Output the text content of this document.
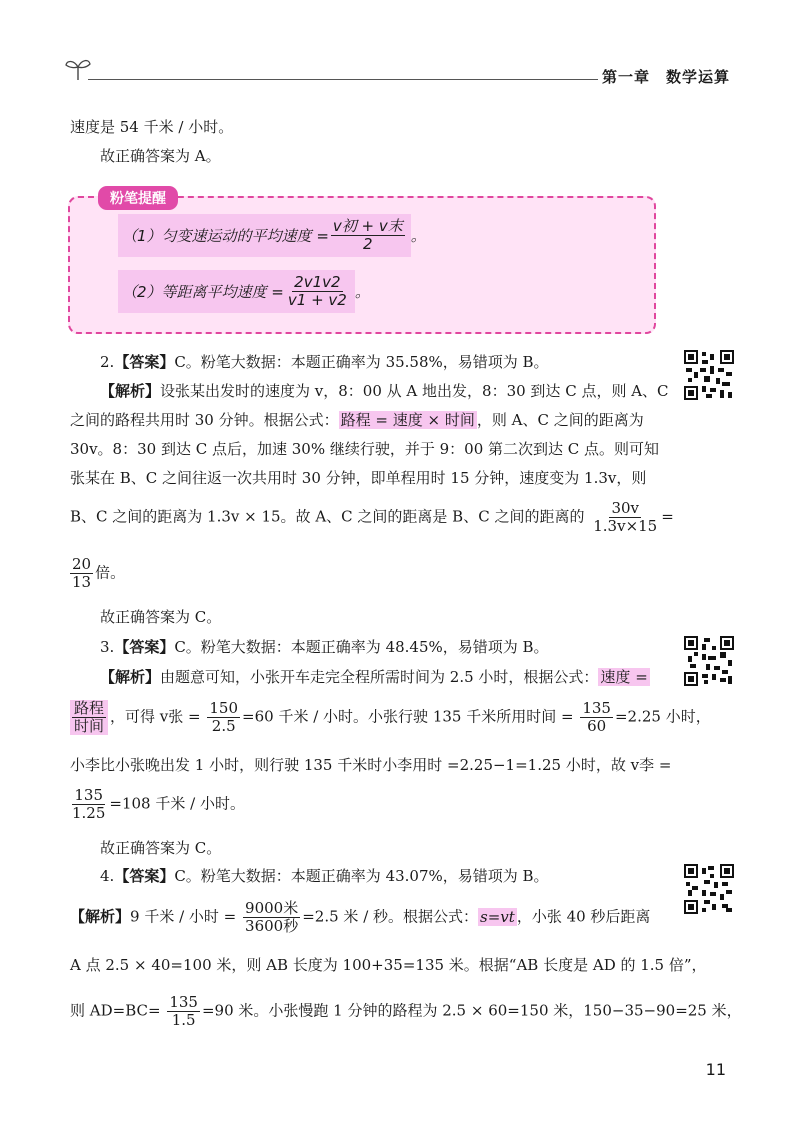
第一章　数学运算
速度是 54 千米 / 小时。
故正确答案为 A。
粉笔提醒
（1）匀变速运动的平均速度 = $\frac{\text{v初 + v末}}{2}$ 。
（2）等距离平均速度 = $\frac{2v1v2}{v1 + v2}$ 。
2.【答案】C。粉笔大数据：本题正确率为 35.58%，易错项为 B。
【解析】设张某出发时的速度为 v，8：00 从 A 地出发，8：30 到达 C 点，则 A、C
之间的路程共用时 30 分钟。根据公式： 路程 = 速度 × 时间 ，则 A、C 之间的距离为
30v。8：30 到达 C 点后，加速 30% 继续行驶，并于 9：00 第二次到达 C 点。则可知
张某在 B、C 之间往返一次共用时 30 分钟，即单程用时 15 分钟，速度变为 1.3v，则
B、C 之间的距离为 1.3v × 15。故 A、C 之间的距离是 B、C 之间的距离的 $\frac{30v}{1.3v\times 15}$ =
$\frac{20}{13}$ 倍。
故正确答案为 C。
3.【答案】C。粉笔大数据：本题正确率为 48.45%，易错项为 B。
【解析】由题意可知，小张开车走完全程所需时间为 2.5 小时，根据公式： 速度 =
$\frac{\text{路程}}{\text{时间}}$ ，可得 v张 = $\frac{150}{2.5} =60$ 千米 / 小时。小张行驶 135 千米所用时间 = $\frac{135}{60} =2.25$ 小时，
小李比小张晚出发 1 小时，则行驶 135 千米时小李用时 =2.25−1=1.25 小时，故 v李 =
$\frac{135}{1.25} =108$ 千米 / 小时。
故正确答案为 C。
4.【答案】C。粉笔大数据：本题正确率为 43.07%，易错项为 B。
【解析】9 千米 / 小时 = $\frac{\text{9000米}}{\text{3600秒}} =2.5$ 米 / 秒。根据公式： s=vt ，小张 40 秒后距离
A 点 2.5 × 40=100 米，则 AB 长度为 100+35=135 米。根据“AB 长度是 AD 的 1.5 倍”，
则 $AD=BC= \frac{135}{1.5} =90$ 米。小张慢跑 1 分钟的路程为 2.5 × 60=150 米，150−35−90=25 米，
11
